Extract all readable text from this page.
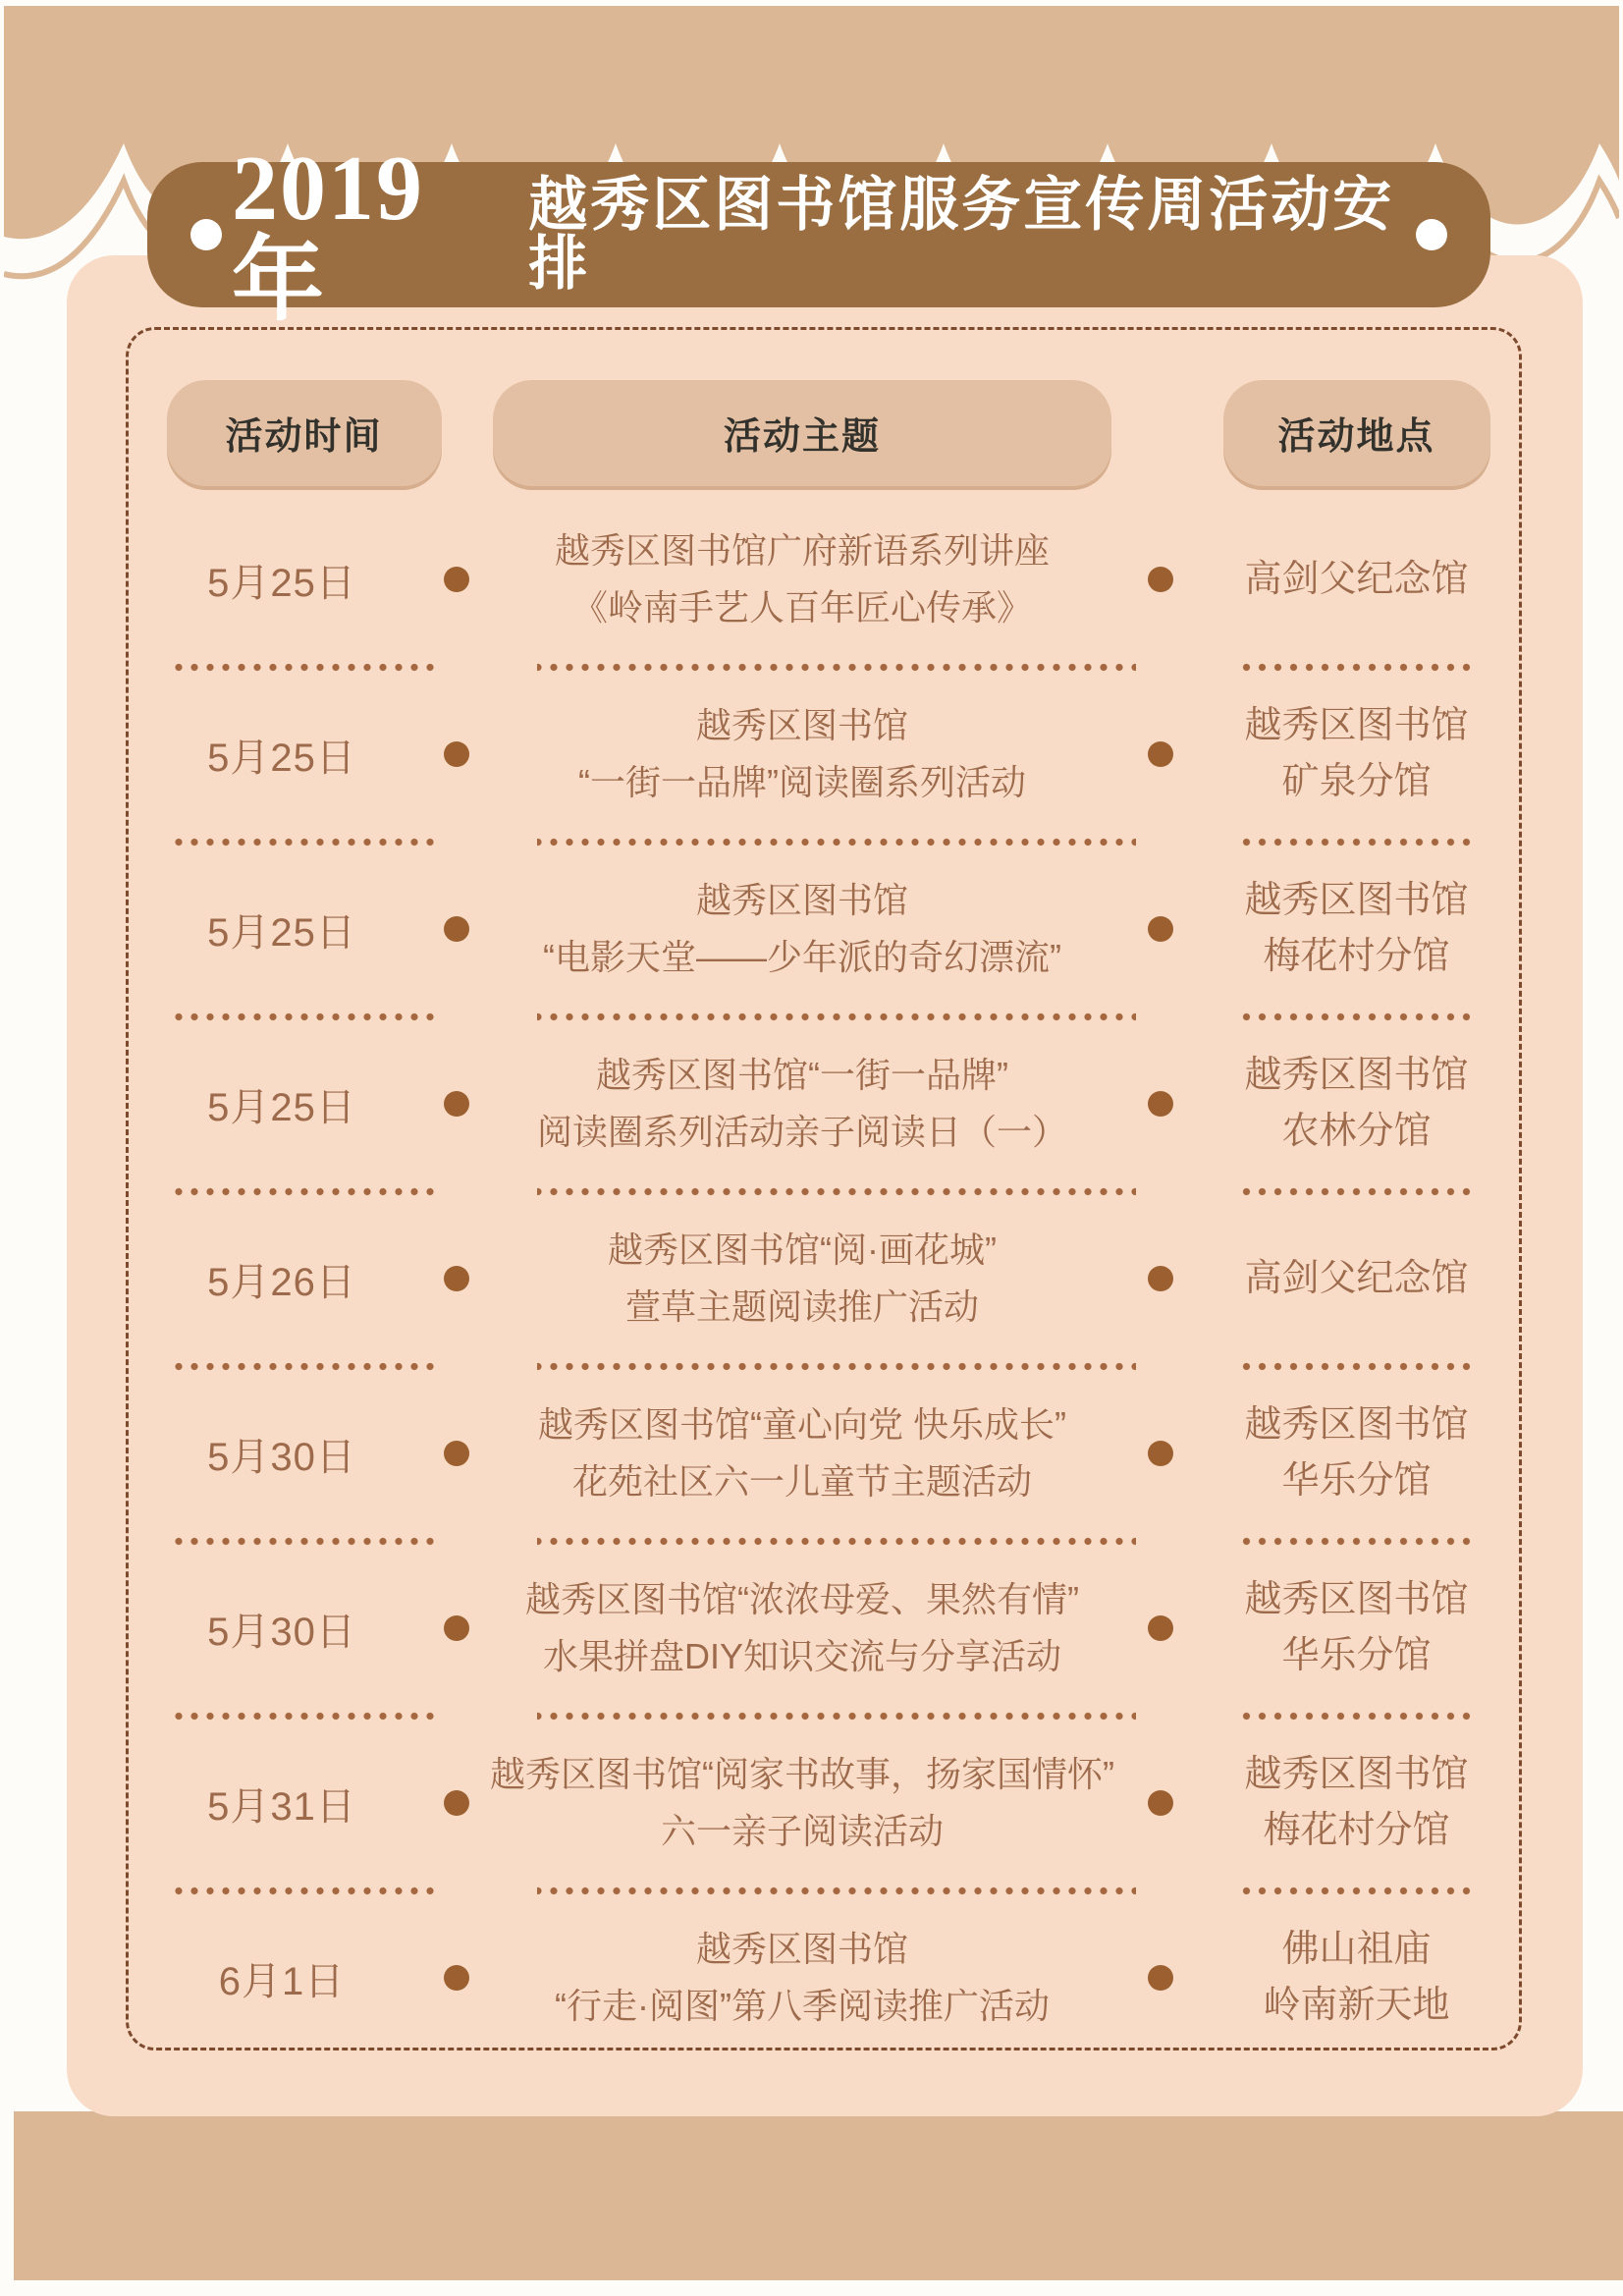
2019年
越秀区图书馆服务宣传周活动安排
活动时间	活动主题	活动地点
5月25日
越秀区图书馆广府新语系列讲座
《岭南手艺人百年匠心传承》
高剑父纪念馆
5月25日
越秀区图书馆
“一街一品牌”阅读圈系列活动
越秀区图书馆
矿泉分馆
5月25日
越秀区图书馆
“电影天堂——少年派的奇幻漂流”
越秀区图书馆
梅花村分馆
5月25日
越秀区图书馆“一街一品牌”
阅读圈系列活动亲子阅读日（一）
越秀区图书馆
农林分馆
5月26日
越秀区图书馆“阅·画花城”
萱草主题阅读推广活动
高剑父纪念馆
5月30日
越秀区图书馆“童心向党 快乐成长”
花苑社区六一儿童节主题活动
越秀区图书馆
华乐分馆
5月30日
越秀区图书馆“浓浓母爱、果然有情”
水果拼盘DIY知识交流与分享活动
越秀区图书馆
华乐分馆
5月31日
越秀区图书馆“阅家书故事，扬家国情怀”
六一亲子阅读活动
越秀区图书馆
梅花村分馆
6月1日
越秀区图书馆
“行走·阅图”第八季阅读推广活动
佛山祖庙
岭南新天地
